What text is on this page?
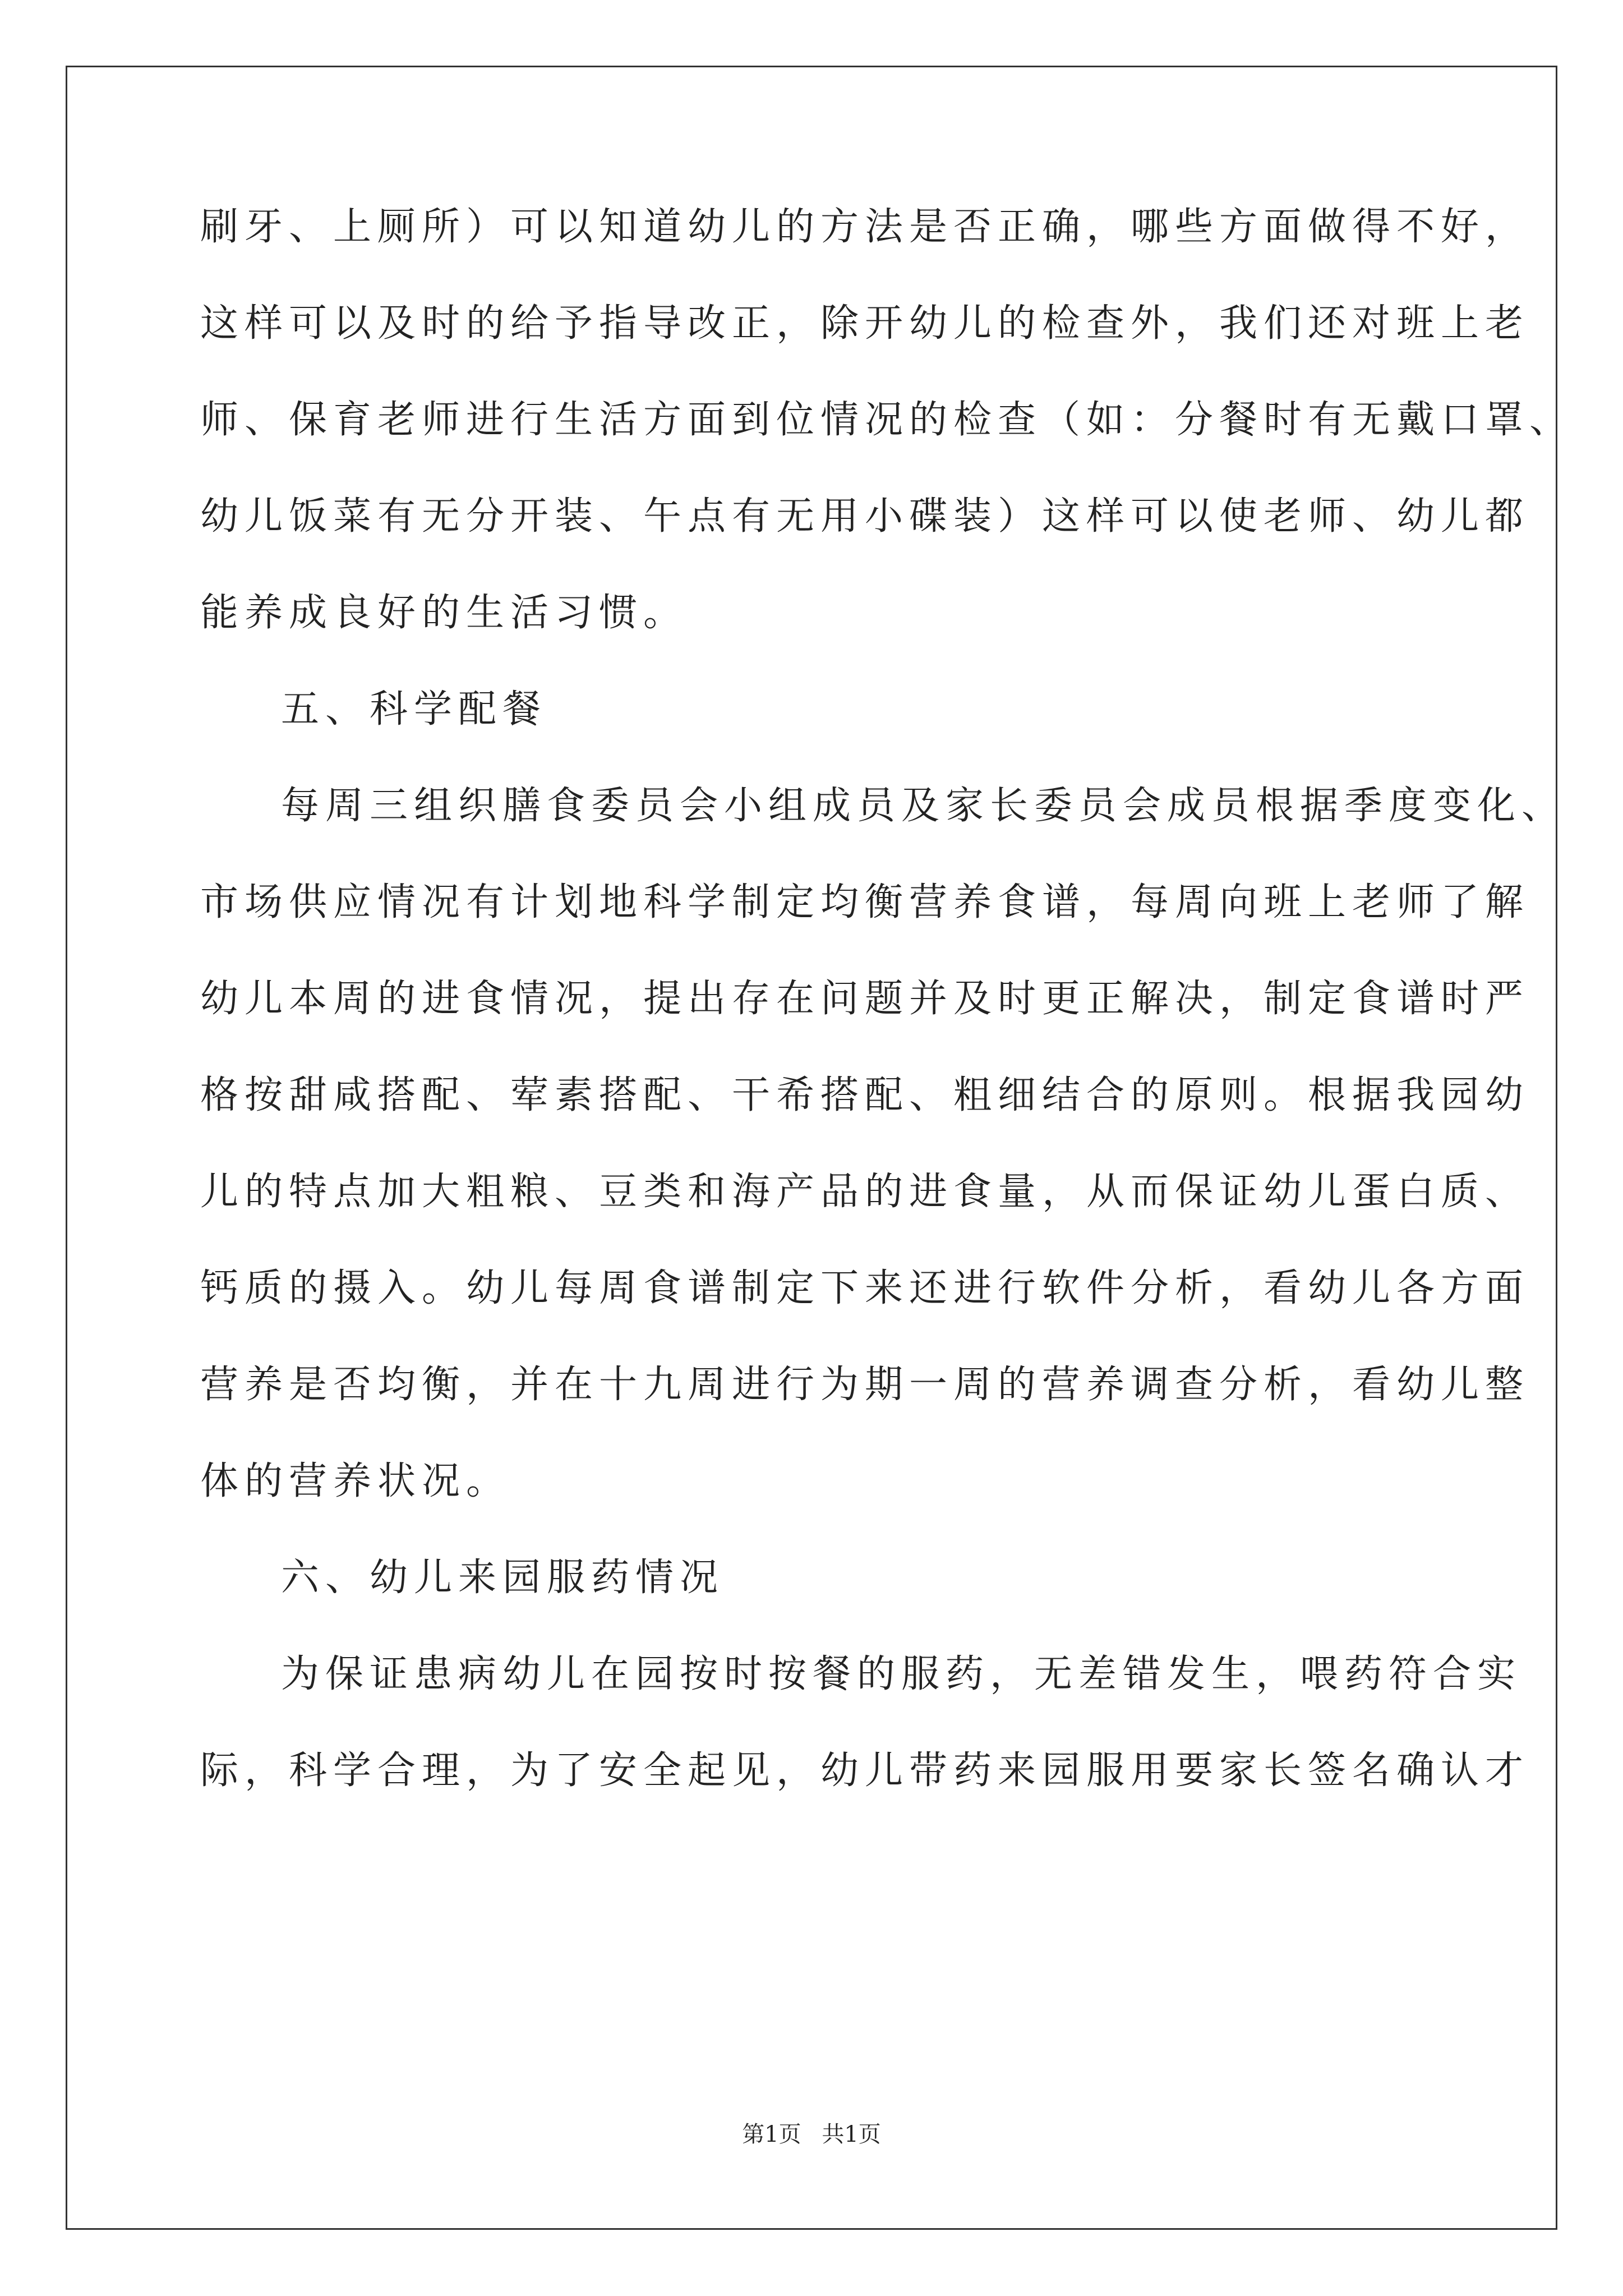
刷牙、上厕所）可以知道幼儿的方法是否正确，哪些方面做得不好，
这样可以及时的给予指导改正，除开幼儿的检查外，我们还对班上老
师、保育老师进行生活方面到位情况的检查（如：分餐时有无戴口罩、
幼儿饭菜有无分开装、午点有无用小碟装）这样可以使老师、幼儿都
能养成良好的生活习惯。
五、科学配餐
每周三组织膳食委员会小组成员及家长委员会成员根据季度变化、
市场供应情况有计划地科学制定均衡营养食谱，每周向班上老师了解
幼儿本周的进食情况，提出存在问题并及时更正解决，制定食谱时严
格按甜咸搭配、荤素搭配、干希搭配、粗细结合的原则。根据我园幼
儿的特点加大粗粮、豆类和海产品的进食量，从而保证幼儿蛋白质、
钙质的摄入。幼儿每周食谱制定下来还进行软件分析，看幼儿各方面
营养是否均衡，并在十九周进行为期一周的营养调查分析，看幼儿整
体的营养状况。
六、幼儿来园服药情况
为保证患病幼儿在园按时按餐的服药，无差错发生，喂药符合实
际，科学合理，为了安全起见，幼儿带药来园服用要家长签名确认才
第1页 共1页
